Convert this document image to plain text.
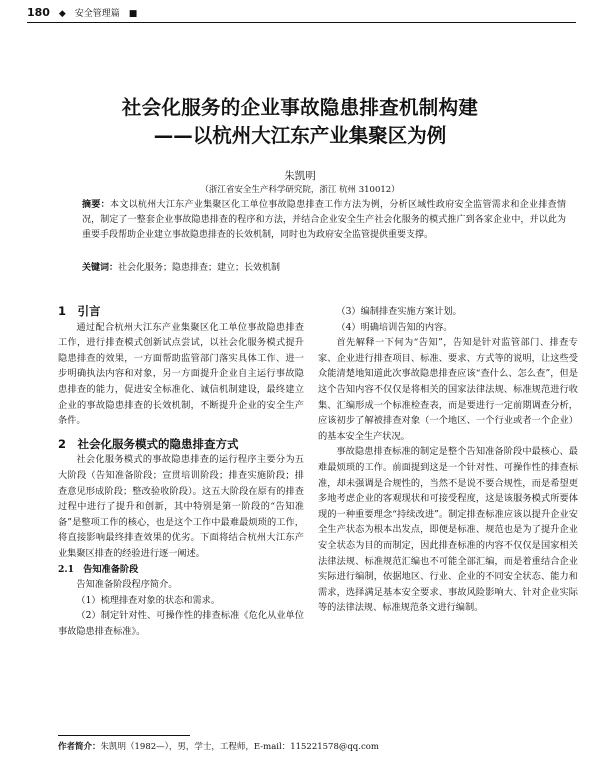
180 ◆　安全管理篇　■
社会化服务的企业事故隐患排查机制构建
——以杭州大江东产业集聚区为例
朱凯明
（浙江省安全生产科学研究院，浙江 杭州 310012）
摘要：本文以杭州大江东产业集聚区化工单位事故隐患排查工作方法为例，分析区域性政府安全监管需求和企业排查情况，制定了一整套企业事故隐患排查的程序和方法，并结合企业安全生产社会化服务的模式推广到各家企业中，并以此为重要手段帮助企业建立事故隐患排查的长效机制，同时也为政府安全监管提供重要支撑。
关键词：社会化服务；隐患排查；建立；长效机制

1　引言

通过配合杭州大江东产业集聚区化工单位事故隐患排查工作，进行排查模式创新试点尝试，以社会化服务模式提升隐患排查的效果，一方面帮助监管部门落实具体工作、进一步明确执法内容和对象，另一方面提升企业自主运行事故隐患排查的能力，促进安全标准化、诚信机制建设，最终建立企业的事故隐患排查的长效机制，不断提升企业的安全生产条件。

2　社会化服务模式的隐患排查方式

社会化服务模式的事故隐患排查的运行程序主要分为五大阶段（告知准备阶段；宣贯培训阶段；排查实施阶段；排查意见形成阶段；整改验收阶段）。这五大阶段在原有的排查过程中进行了提升和创新，其中特别是第一阶段的“告知准备”是整项工作的核心，也是这个工作中最难最烦琐的工作，将直接影响最终排查效果的优劣。下面将结合杭州大江东产业集聚区排查的经验进行逐一阐述。

2.1　告知准备阶段

告知准备阶段程序简介。

（1）梳理排查对象的状态和需求。

（2）制定针对性、可操作性的排查标准《危化从业单位事故隐患排查标准》。

（3）编制排查实施方案计划。

（4）明确培训告知的内容。

首先解释一下何为“告知”，告知是针对监管部门、排查专家、企业进行排查项目、标准、要求、方式等的说明，让这些受众能清楚地知道此次事故隐患排查应该“查什么、怎么查”，但是这个告知内容不仅仅是将相关的国家法律法规、标准规范进行收集、汇编形成一个标准检查表，而是要进行一定前期调查分析，应该初步了解被排查对象（一个地区、一个行业或者一个企业）的基本安全生产状况。

事故隐患排查标准的制定是整个告知准备阶段中最核心、最难最烦琐的工作。前面提到这是一个针对性、可操作性的排查标准，却未强调是合规性的，当然不是说不要合规性，而是希望更多地考虑企业的客观现状和可接受程度，这是该服务模式所要体现的一种重要理念“持续改进”。制定排查标准应该以提升企业安全生产状态为根本出发点，即便是标准、规范也是为了提升企业安全状态为目的而制定，因此排查标准的内容不仅仅是国家相关法律法规、标准规范汇编也不可能全部汇编，而是着重结合企业实际进行编制，依据地区、行业、企业的不同安全状态、能力和需求，选择满足基本安全要求、事故风险影响大、针对企业实际等的法律法规、标准规范条文进行编制。

作者简介：朱凯明（1982—），男，学士，工程师，E-mail：11522157​8@qq.com
